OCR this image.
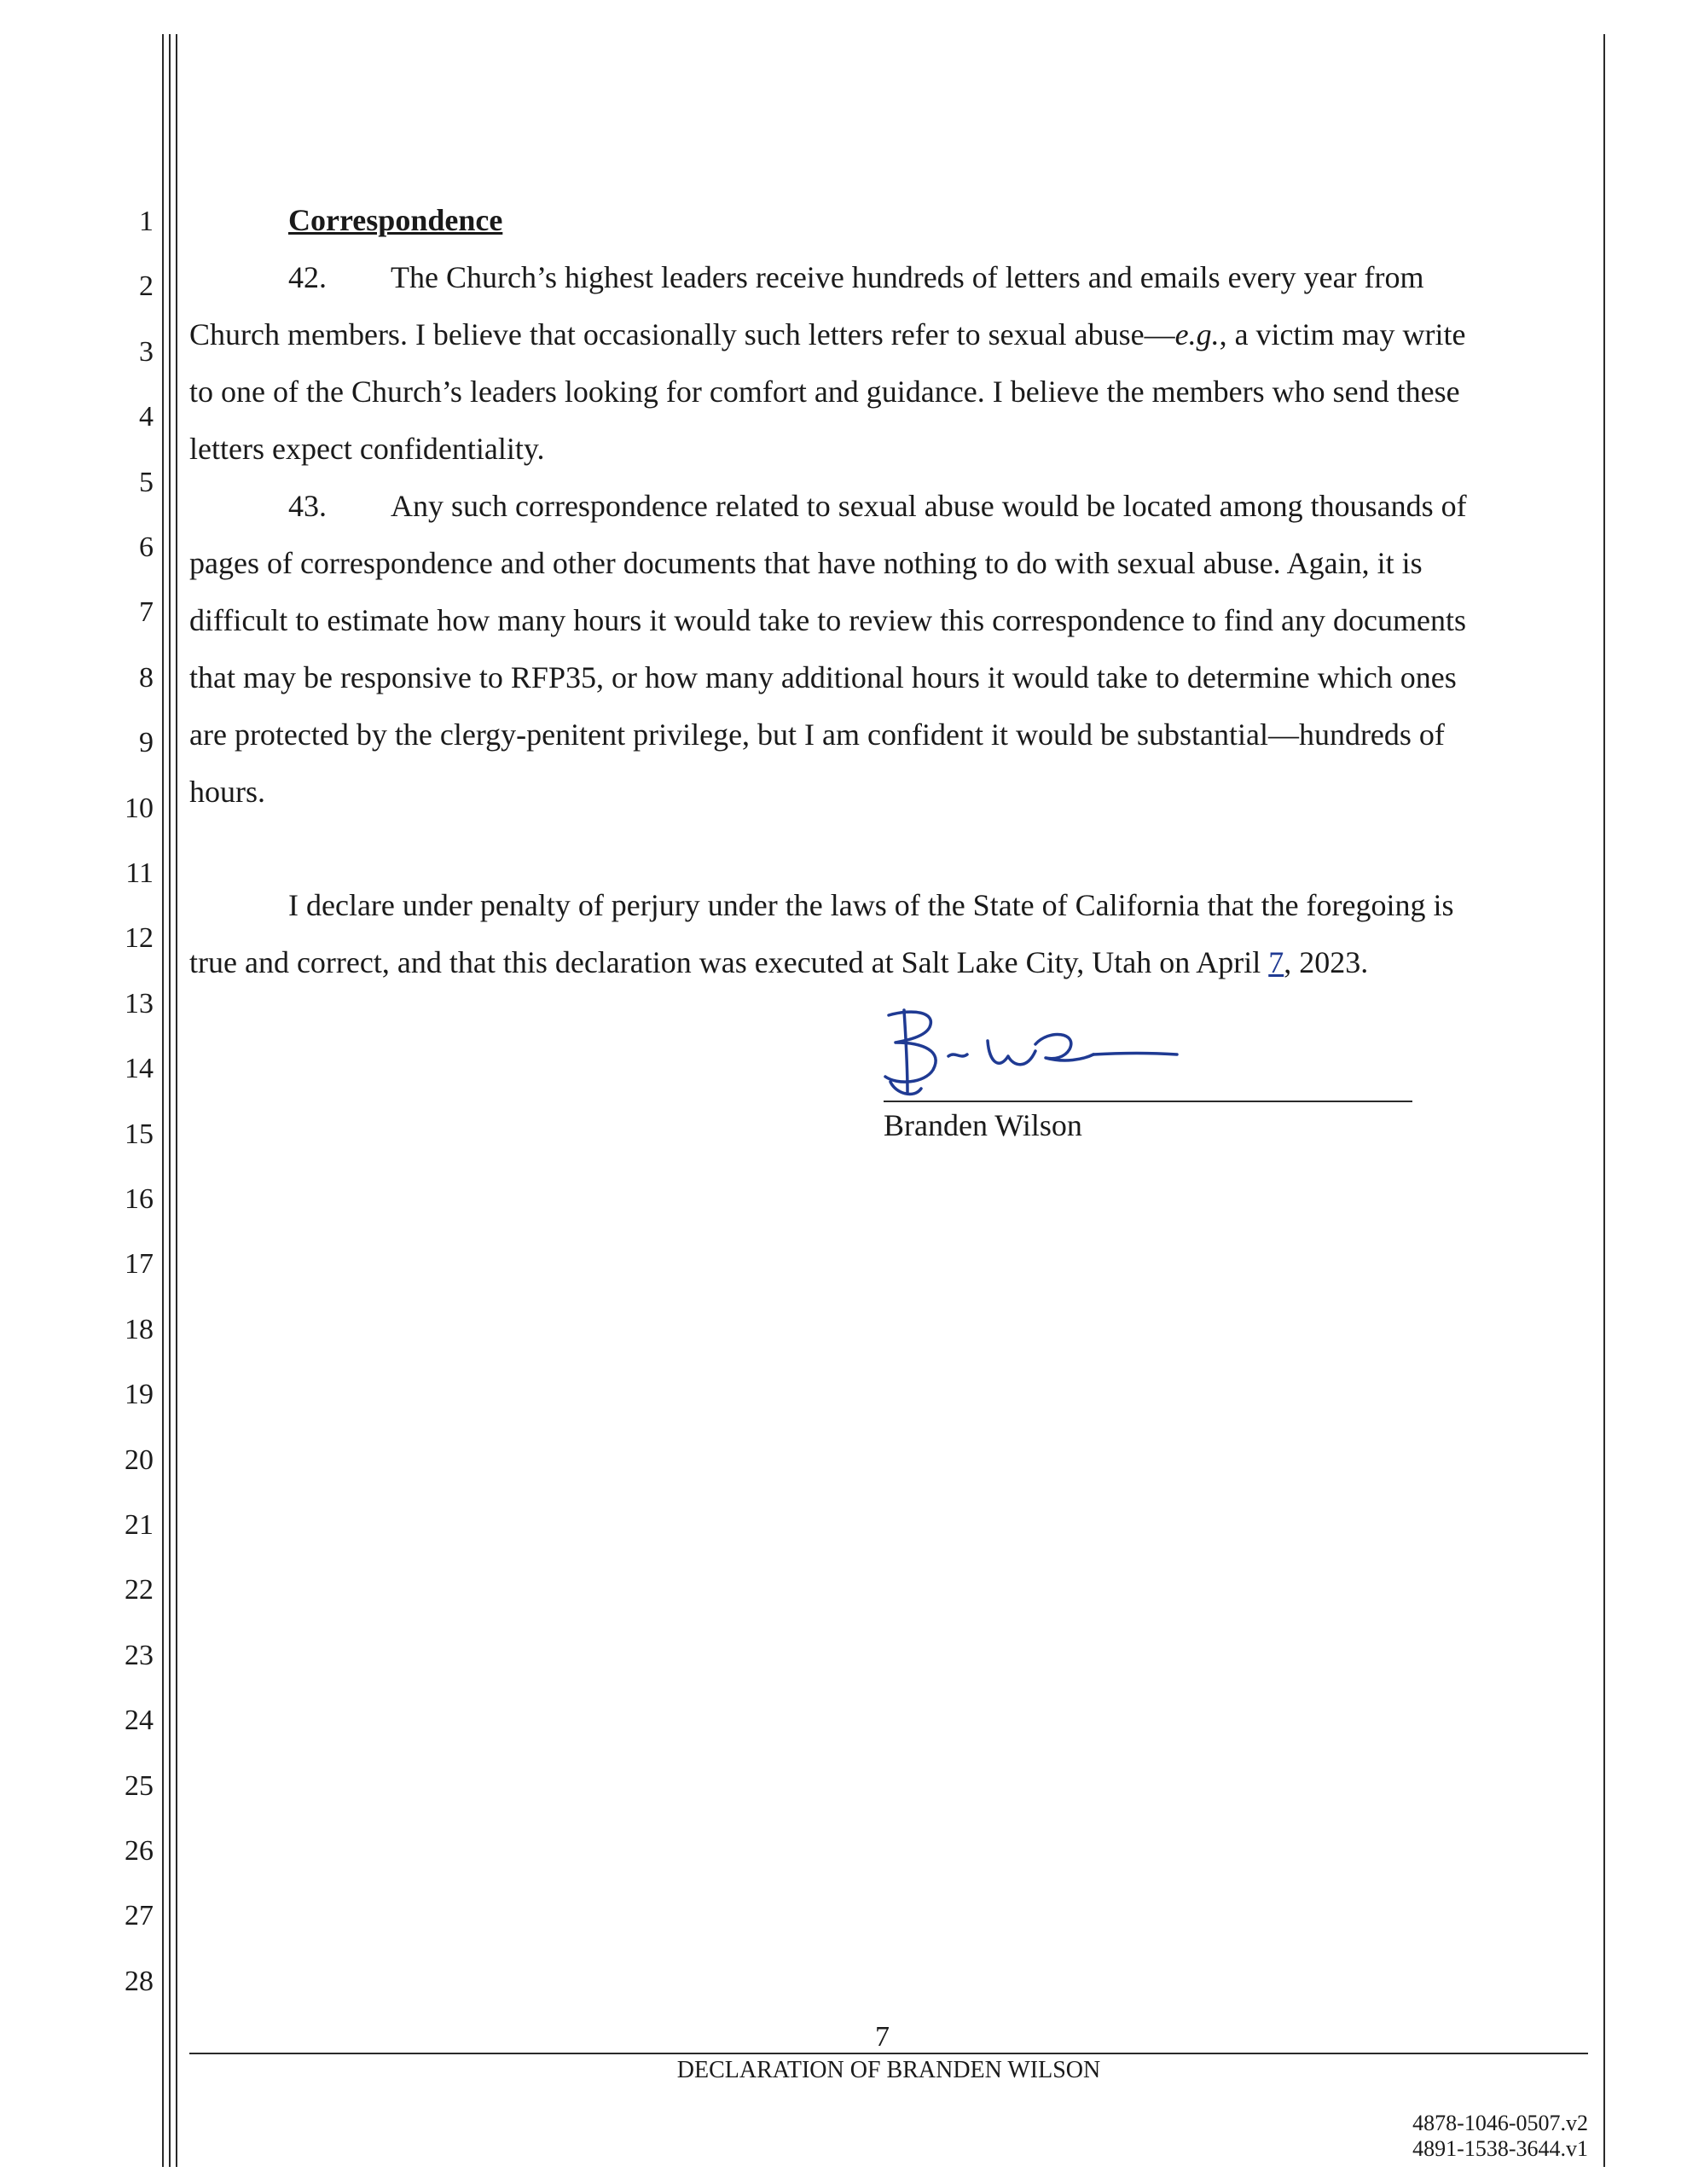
1
2
3
4
5
6
7
8
9
10
11
12
13
14
15
16
17
18
19
20
21
22
23
24
25
26
27
28
Correspondence
42. The Church’s highest leaders receive hundreds of letters and emails every year from
Church members. I believe that occasionally such letters refer to sexual abuse—e.g., a victim may write
to one of the Church’s leaders looking for comfort and guidance. I believe the members who send these
letters expect confidentiality.
43. Any such correspondence related to sexual abuse would be located among thousands of
pages of correspondence and other documents that have nothing to do with sexual abuse. Again, it is
difficult to estimate how many hours it would take to review this correspondence to find any documents
that may be responsive to RFP35, or how many additional hours it would take to determine which ones
are protected by the clergy-penitent privilege, but I am confident it would be substantial—hundreds of
hours.
I declare under penalty of perjury under the laws of the State of California that the foregoing is
true and correct, and that this declaration was executed at Salt Lake City, Utah on April 7, 2023.
Branden Wilson
7
DECLARATION OF BRANDEN WILSON
4878-1046-0507.v2
4891-1538-3644.v1
